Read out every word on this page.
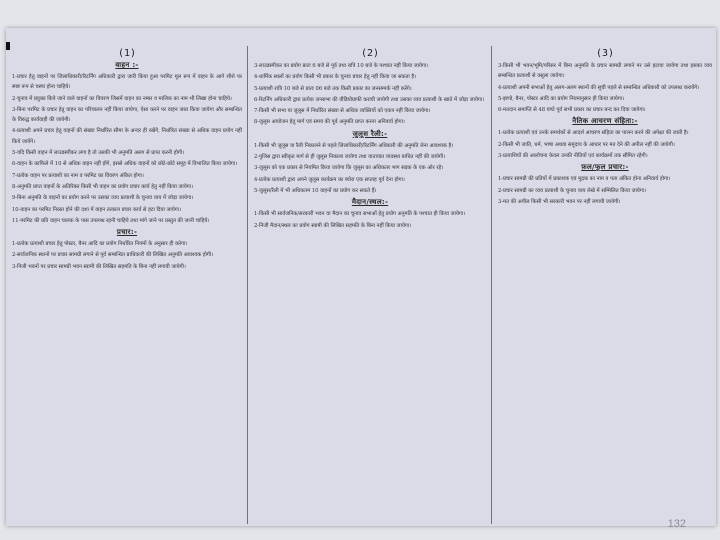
(1)
वाहन :-

1-प्रचार हेतु वाहनों पर जिलाधिकारी/रिटर्निंग अधिकारी द्वारा जारी किया हुआ परमिट मूल रूप में वाहन के आगे शीशे पर स्पष्ट रूप से चस्पा होना चाहिये।

2-चुनाव में प्रयुक्त किये जाने वाले वाहनों का विवरण जिसमें वाहन का नम्बर व मालिक का नाम भी लिखा होना चाहिये।

3-बिना परमिट के प्रचार हेतु वाहन का परिचालन नहीं किया जायेगा, ऐसा करने पर वाहन जब्त किया जायेगा और सम्बन्धित के विरुद्ध कार्यवाही की जायेगी।

4-प्रत्याशी अपने प्रचार हेतु वाहनों की संख्या निर्धारित सीमा के अन्दर ही रखेंगे, निर्धारित संख्या से अधिक वाहन प्रयोग नहीं किये जायेंगे।

5-यदि किसी वाहन में लाउडस्पीकर लगा है तो उसकी भी अनुमति अलग से प्राप्त करनी होगी।

6-वाहन के काफिले में 10 से अधिक वाहन नहीं होंगे, इससे अधिक वाहनों को छोटे-छोटे समूह में विभाजित किया जायेगा।

7-प्रत्येक वाहन पर प्रत्याशी का नाम व परमिट का विवरण अंकित होगा।

8-अनुमति प्राप्त वाहनों के अतिरिक्त किसी भी वाहन का प्रयोग प्रचार कार्य हेतु नहीं किया जायेगा।

9-बिना अनुमति के वाहनों का प्रयोग करने पर उसका व्यय प्रत्याशी के चुनाव व्यय में जोड़ा जायेगा।

10-वाहन का परमिट निरस्त होने की दशा में वाहन तत्काल प्रचार कार्य से हटा दिया जायेगा।

11-परमिट की प्रति वाहन चालक के पास उपलब्ध रहनी चाहिये तथा मांगे जाने पर प्रस्तुत की जानी चाहिये।

प्रचार:-

1-प्रत्येक प्रत्याशी प्रचार हेतु पोस्टर, बैनर आदि का प्रयोग निर्धारित नियमों के अनुसार ही करेगा।

2-सार्वजनिक स्थानों पर प्रचार सामग्री लगाने से पूर्व सम्बन्धित प्राधिकारी की लिखित अनुमति आवश्यक होगी।

3-निजी भवनों पर प्रचार सामग्री भवन स्वामी की लिखित सहमति के बिना नहीं लगायी जायेगी।

(2)

3-लाउडस्पीकर का प्रयोग प्रातः 6 बजे से पूर्व तथा रात्रि 10 बजे के पश्चात नहीं किया जायेगा।

4-धार्मिक स्थलों का प्रयोग किसी भी प्रकार के चुनाव प्रचार हेतु नहीं किया जा सकता है।

5-प्रत्याशी रात्रि 10 बजे से प्रातः 06 बजे तक किसी प्रकार का जनसम्पर्क नहीं करेंगे।

6-रिटर्निंग अधिकारी द्वारा प्रत्येक जनसभा की वीडियोग्राफी करायी जायेगी तथा उसका व्यय प्रत्याशी के खाते में जोड़ा जायेगा।

7-किसी भी सभा या जुलूस में निर्धारित संख्या से अधिक व्यक्तियों को एकत्र नहीं किया जायेगा।

8-जुलूस आयोजन हेतु मार्ग एवं समय की पूर्व अनुमति प्राप्त करना अनिवार्य होगा।

जुलूस रैली:-

1-किसी भी जुलूस या रैली निकालने से पहले जिलाधिकारी/रिटर्निंग अधिकारी की अनुमति लेना आवश्यक है।

2-पुलिस द्वारा स्वीकृत मार्ग से ही जुलूस निकाला जायेगा तथा यातायात व्यवस्था बाधित नहीं की जायेगी।

3-जुलूस को एक प्रकार से नियमित किया जायेगा कि जुलूस का अधिकतर भाग सड़क के एक ओर रहे।

4-प्रत्येक प्रत्याशी द्वारा अपने जुलूस कार्यक्रम का ब्योरा एक सप्ताह पूर्व देना होगा।

5-जुलूस/रैली में भी अधिकतम 10 वाहनों का प्रयोग कर सकते हैं।

मैदान/स्थल:-

1-किसी भी सार्वजनिक/सरकारी भवन या मैदान का चुनाव सभाओं हेतु प्रयोग अनुमति के पश्चात ही किया जायेगा।

2-निजी मैदान/स्थल का प्रयोग स्वामी की लिखित सहमति के बिना नहीं किया जायेगा।

(3)

3-किसी भी भवन/भूमि/परिसर में बिना अनुमति के प्रचार सामग्री लगाने पर उसे हटाया जायेगा तथा इसका व्यय सम्बन्धित प्रत्याशी से वसूला जायेगा।

4-प्रत्याशी अपनी सभाओं हेतु अलग-अलग स्थानों की सूची पहले से सम्बन्धित अधिकारी को उपलब्ध करायेंगे।

5-झण्डे, बैनर, पोस्टर आदि का प्रयोग नियमानुसार ही किया जायेगा।

6-मतदान समाप्ति से 48 घण्टे पूर्व सभी प्रकार का प्रचार बन्द कर दिया जायेगा।

नैतिक आचरण संहिता:-

1-प्रत्येक प्रत्याशी एवं उनके समर्थकों से आदर्श आचरण संहिता का पालन करने की अपेक्षा की जाती है।

2-किसी भी जाति, धर्म, भाषा अथवा समुदाय के आधार पर मत देने की अपील नहीं की जायेगी।

3-प्रत्याशियों की आलोचना केवल उनकी नीतियों एवं कार्यक्रमों तक सीमित रहेगी।

फ़ल/फूल प्रचार:-

1-प्रचार सामग्री की प्रतियों में प्रकाशक एवं मुद्रक का नाम व पता अंकित होना अनिवार्य होगा।

2-प्रचार सामग्री का व्यय प्रत्याशी के चुनाव व्यय लेखे में सम्मिलित किया जायेगा।

3-मत की अपील किसी भी सरकारी भवन पर नहीं लगायी जायेगी।

132
